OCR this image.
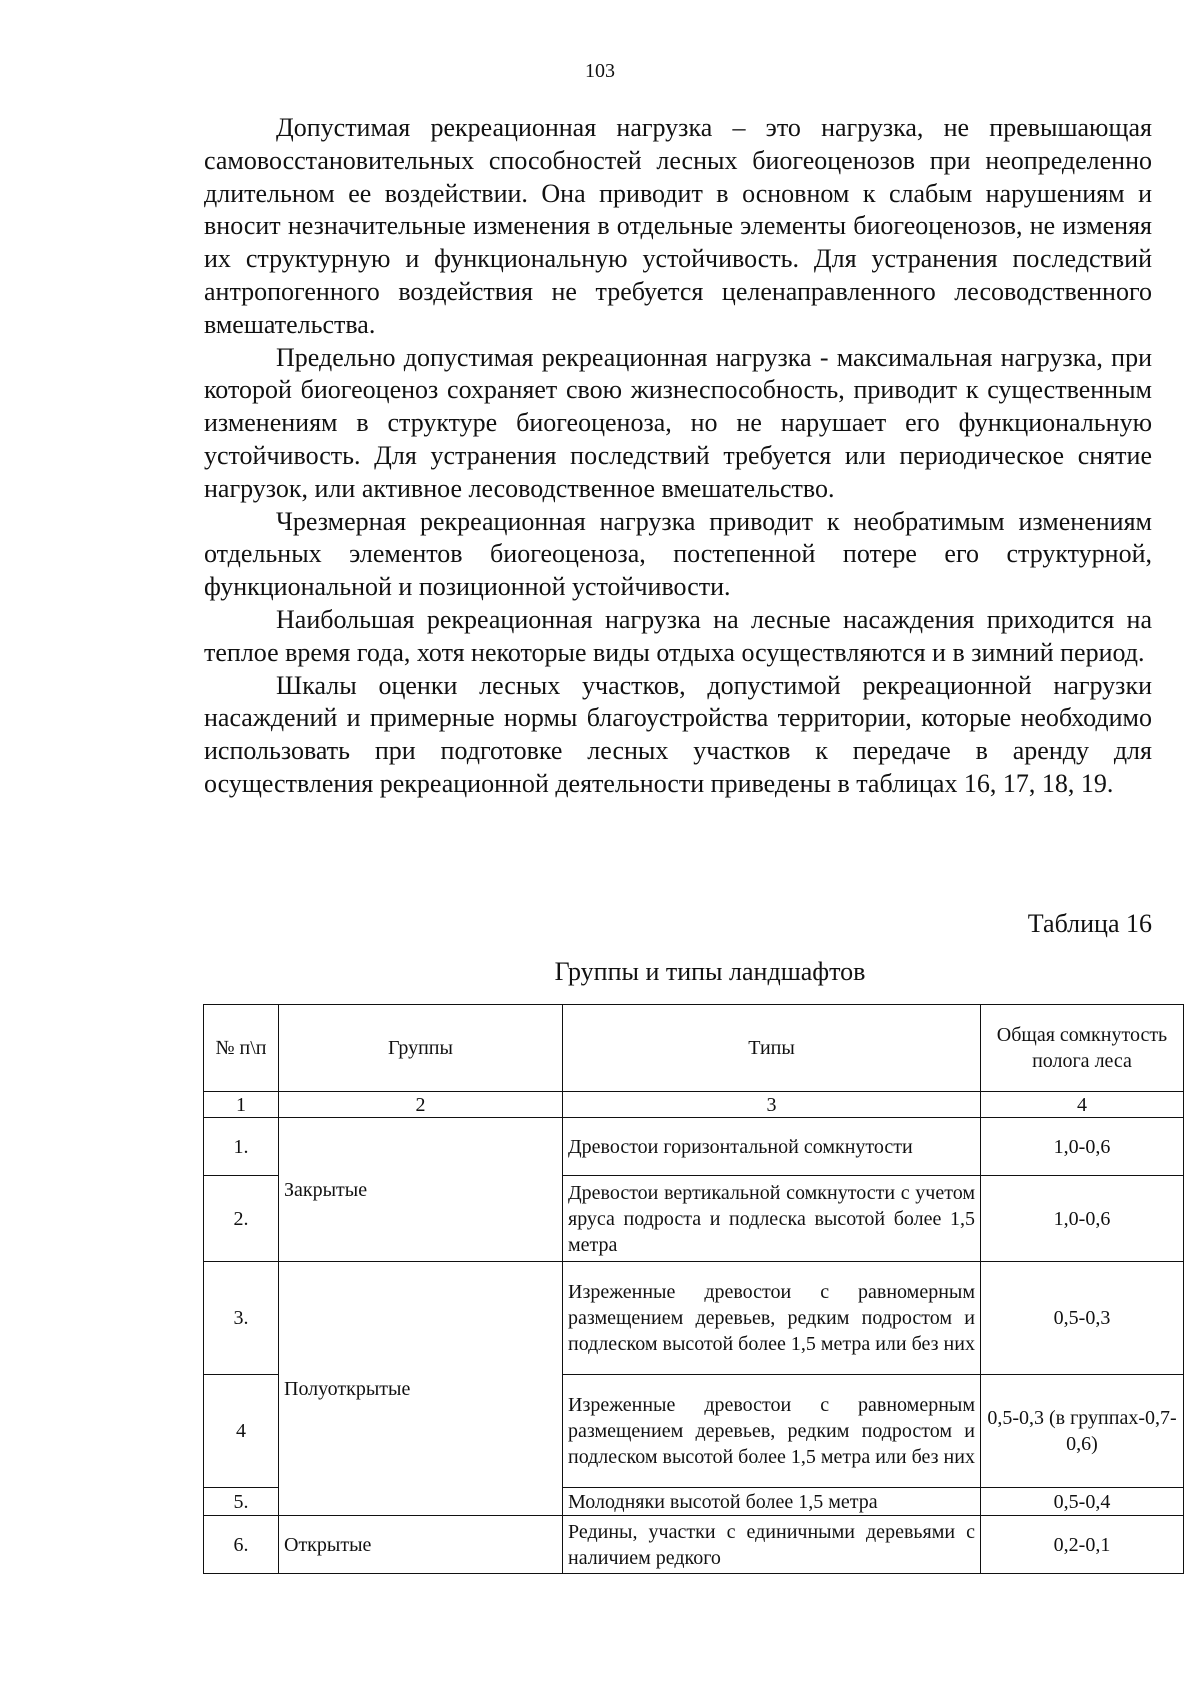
103

Допустимая рекреационная нагрузка – это нагрузка, не превышающая самовосстановительных способностей лесных биогеоценозов при неопределенно длительном ее воздействии. Она приводит в основном к слабым нарушениям и вносит незначительные изменения в отдельные элементы биогеоценозов, не изменяя их структурную и функциональную устойчивость. Для устранения последствий антропогенного воздействия не требуется целенаправленного лесоводственного вмешательства.

Предельно допустимая рекреационная нагрузка - максимальная нагрузка, при которой биогеоценоз сохраняет свою жизнеспособность, приводит к существенным изменениям в структуре биогеоценоза, но не нарушает его функциональную устойчивость. Для устранения последствий требуется или периодическое снятие нагрузок, или активное лесоводственное вмешательство.

Чрезмерная рекреационная нагрузка приводит к необратимым изменениям отдельных элементов биогеоценоза, постепенной потере его структурной, функциональной и позиционной устойчивости.

Наибольшая рекреационная нагрузка на лесные насаждения приходится на теплое время года, хотя некоторые виды отдыха осуществляются и в зимний период.

Шкалы оценки лесных участков, допустимой рекреационной нагрузки насаждений и примерные нормы благоустройства территории, которые необходимо использовать при подготовке лесных участков к передаче в аренду для осуществления рекреационной деятельности приведены в таблицах 16, 17, 18, 19.

Таблица 16
Группы и типы ландшафтов
№ п\п	Группы	Типы	Общая сомкнутость полога леса
1	2	3	4
1.	Закрытые	Древостои горизонтальной сомкнутости	1,0-0,6
2.		Древостои вертикальной сомкнутости с учетом яруса подроста и подлеска высотой более 1,5 метра	1,0-0,6
3.	Полуоткрытые	Изреженные древостои с равномерным размещением деревьев, редким подростом и подлеском высотой более 1,5 метра или без них	0,5-0,3
4		Изреженные древостои с равномерным размещением деревьев, редким подростом и подлеском высотой более 1,5 метра или без них	0,5-0,3 (в группах-0,7-0,6)
5.		Молодняки высотой более 1,5 метра	0,5-0,4
6.	Открытые	Редины, участки с единичными деревьями с наличием редкого	0,2-0,1
